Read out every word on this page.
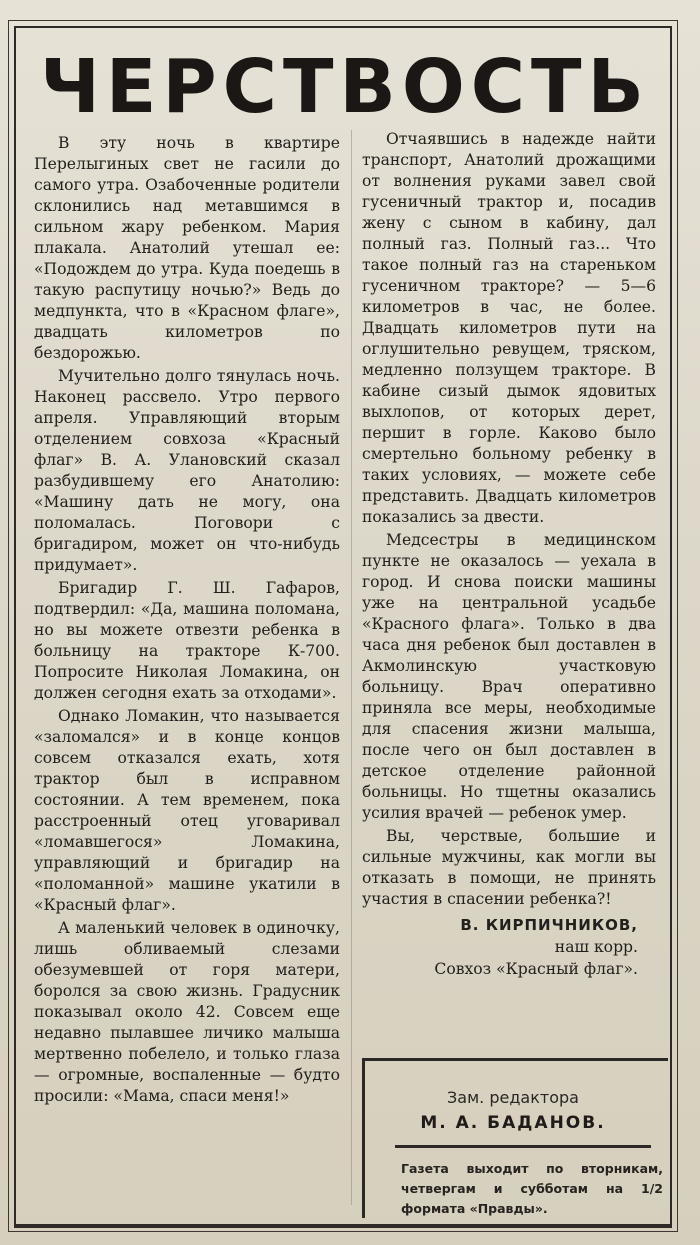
ЧЕРСТВОСТЬ

В эту ночь в квартире Перелыгиных свет не гасили до самого утра. Озабоченные родители склонились над метавшимся в сильном жару ребенком. Мария плакала. Анатолий утешал ее: «Подождем до утра. Куда поедешь в такую распутицу ночью?» Ведь до медпункта, что в «Красном флаге», двадцать километров по бездорожью.

Мучительно долго тянулась ночь. Наконец рассвело. Утро первого апреля. Управляющий вторым отделением совхоза «Красный флаг» В. А. Улановский сказал разбудившему его Анатолию: «Машину дать не могу, она поломалась. Поговори с бригадиром, может он что-нибудь придумает».

Бригадир Г. Ш. Гафаров, подтвердил: «Да, машина поломана, но вы можете отвезти ребенка в больницу на тракторе К-700. Попросите Николая Ломакина, он должен сегодня ехать за отходами».

Однако Ломакин, что называется «заломался» и в конце концов совсем отказался ехать, хотя трактор был в исправном состоянии. А тем временем, пока расстроенный отец уговаривал «ломавшегося» Ломакина, управляющий и бригадир на «поломанной» машине укатили в «Красный флаг».

А маленький человек в одиночку, лишь обливаемый слезами обезумевшей от горя матери, боролся за свою жизнь. Градусник показывал около 42. Совсем еще недавно пылавшее личико малыша мертвенно побелело, и только глаза — огромные, воспаленные — будто просили: «Мама, спаси меня!»

Отчаявшись в надежде найти транспорт, Анатолий дрожащими от волнения руками завел свой гусеничный трактор и, посадив жену с сыном в кабину, дал полный газ. Полный газ... Что такое полный газ на стареньком гусеничном тракторе? — 5—6 километров в час, не более. Двадцать километров пути на оглушительно ревущем, тряском, медленно ползущем тракторе. В кабине сизый дымок ядовитых выхлопов, от которых дерет, першит в горле. Каково было смертельно больному ребенку в таких условиях, — можете себе представить. Двадцать километров показались за двести.

Медсестры в медицинском пункте не оказалось — уехала в город. И снова поиски машины уже на центральной усадьбе «Красного флага». Только в два часа дня ребенок был доставлен в Акмолинскую участковую больницу. Врач оперативно приняла все меры, необходимые для спасения жизни малыша, после чего он был доставлен в детское отделение районной больницы. Но тщетны оказались усилия врачей — ребенок умер.

Вы, черствые, большие и сильные мужчины, как могли вы отказать в помощи, не принять участия в спасении ребенка?!

В. КИРПИЧНИКОВ,
наш корр.
Совхоз «Красный флаг».
Зам. редактора
М. А. БАДАНОВ.
Газета выходит по вторникам, четвергам и субботам на 1/2 формата «Правды».
